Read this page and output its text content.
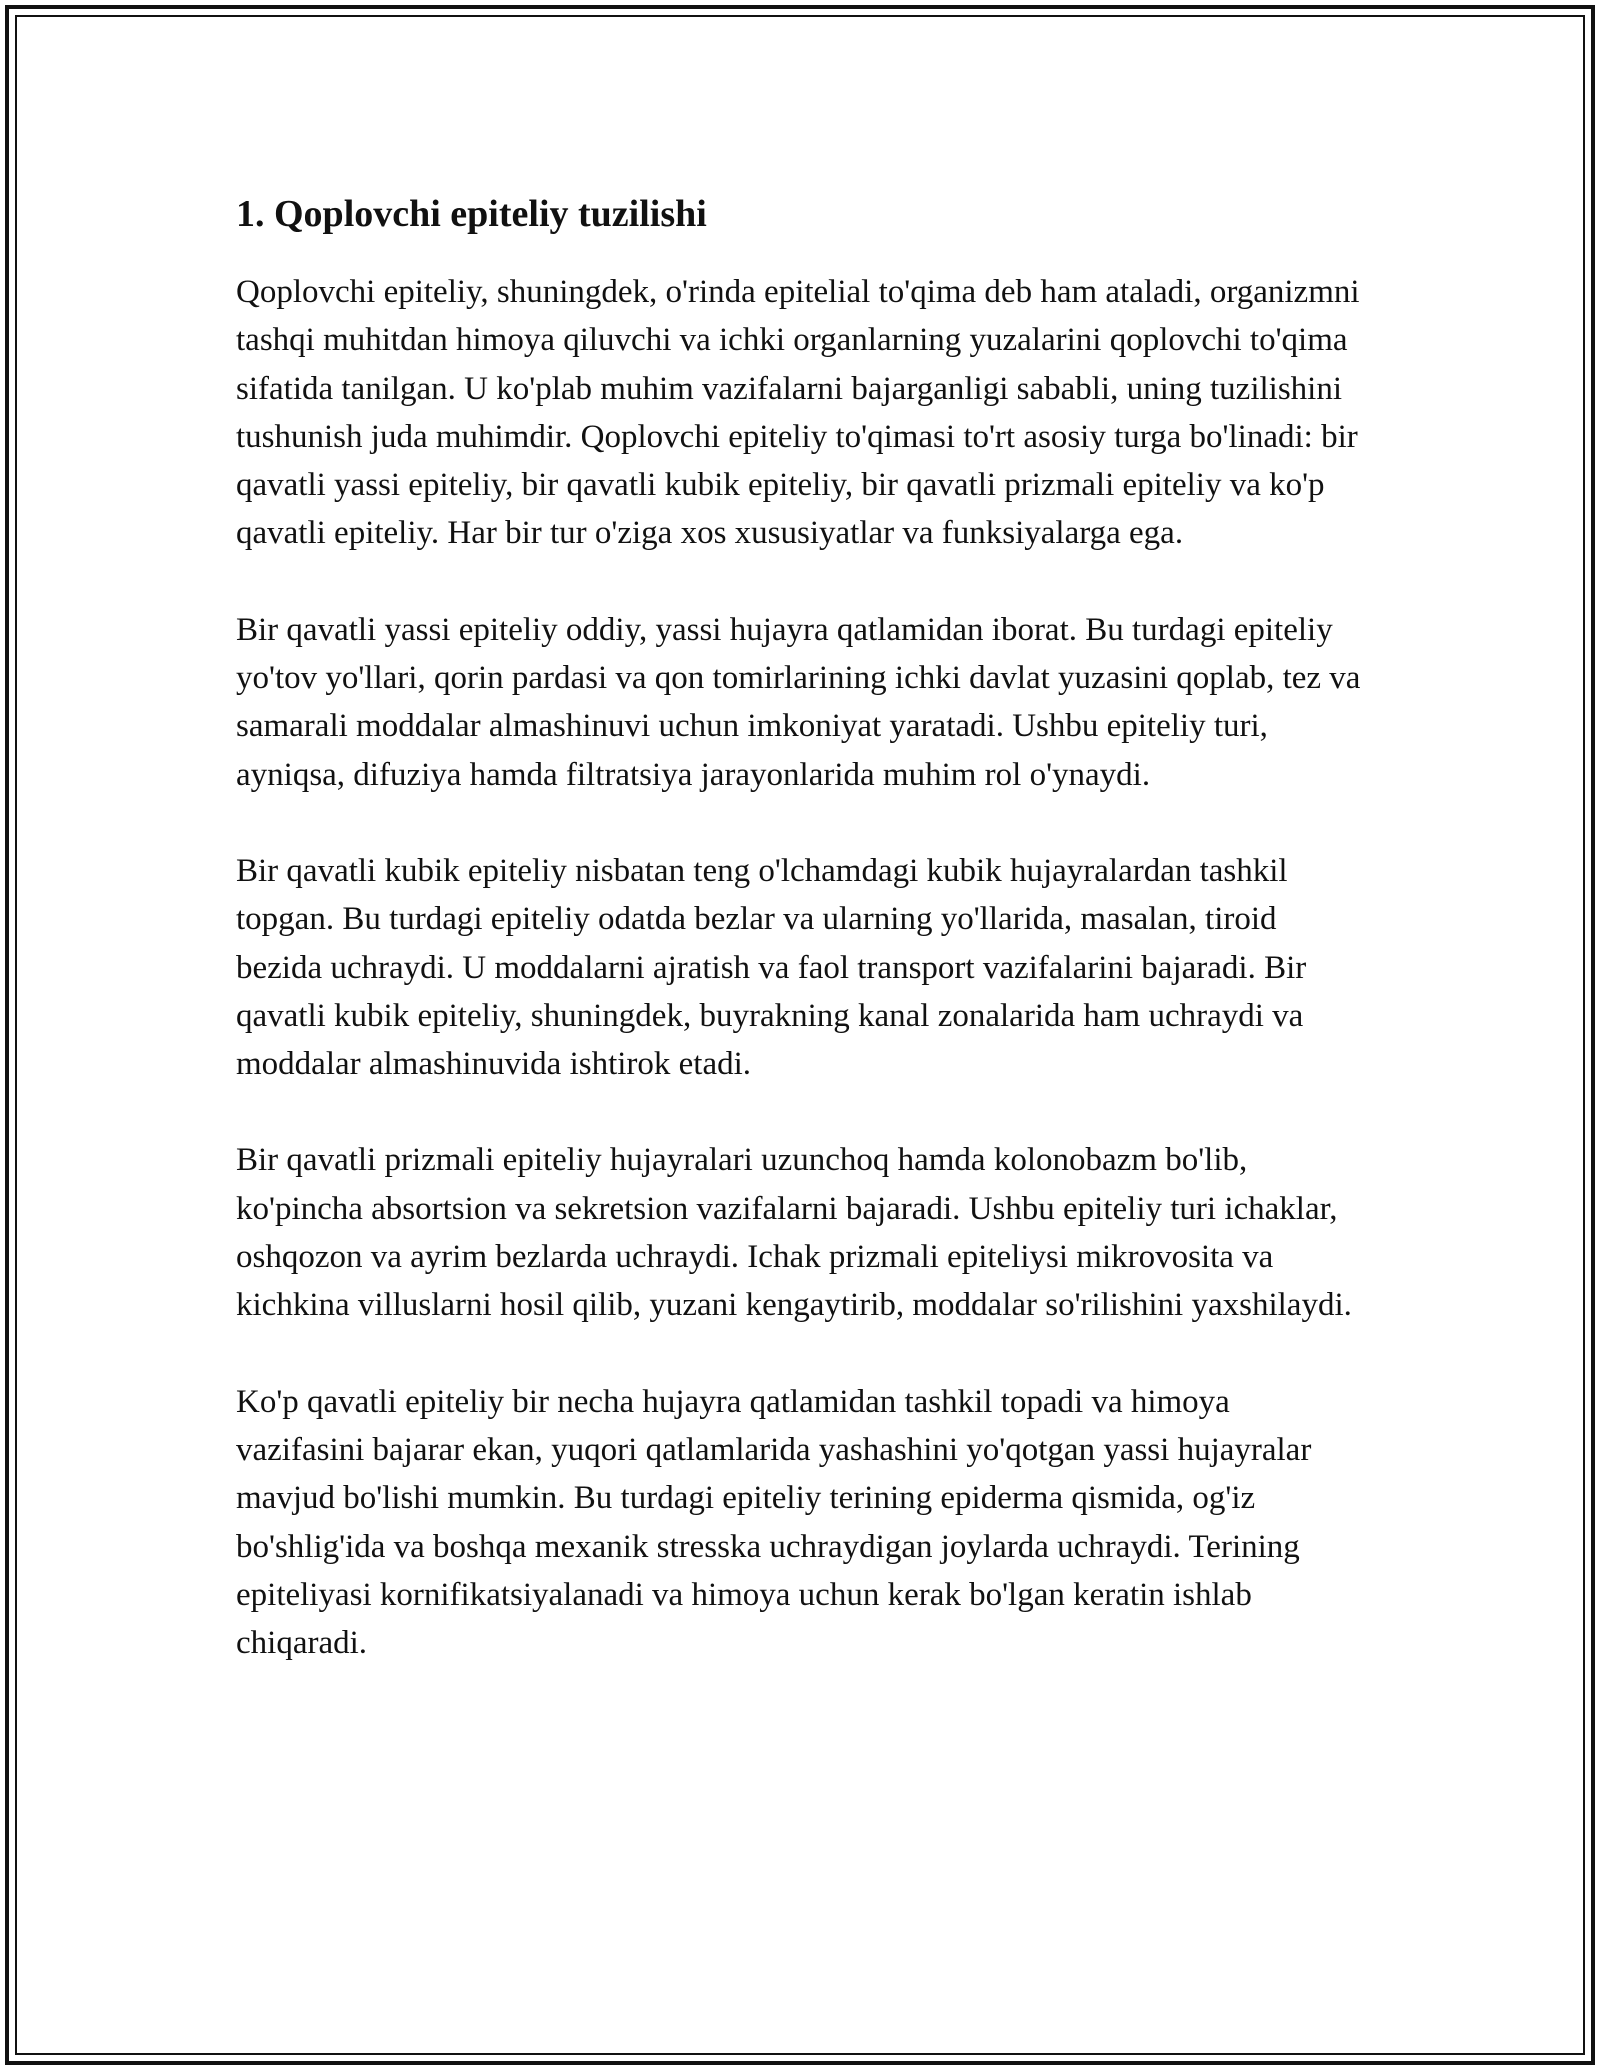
1. Qoplovchi epiteliy tuzilishi

Qoplovchi epiteliy, shuningdek, o'rinda epitelial to'qima deb ham ataladi, organizmni tashqi muhitdan himoya qiluvchi va ichki organlarning yuzalarini qoplovchi to'qima sifatida tanilgan. U ko'plab muhim vazifalarni bajarganligi sababli, uning tuzilishini tushunish juda muhimdir. Qoplovchi epiteliy to'qimasi to'rt asosiy turga bo'linadi: bir qavatli yassi epiteliy, bir qavatli kubik epiteliy, bir qavatli prizmali epiteliy va ko'p qavatli epiteliy. Har bir tur o'ziga xos xususiyatlar va funksiyalarga ega.

Bir qavatli yassi epiteliy oddiy, yassi hujayra qatlamidan iborat. Bu turdagi epiteliy yo'tov yo'llari, qorin pardasi va qon tomirlarining ichki davlat yuzasini qoplab, tez va samarali moddalar almashinuvi uchun imkoniyat yaratadi. Ushbu epiteliy turi, ayniqsa, difuziya hamda filtratsiya jarayonlarida muhim rol o'ynaydi.

Bir qavatli kubik epiteliy nisbatan teng o'lchamdagi kubik hujayralardan tashkil topgan. Bu turdagi epiteliy odatda bezlar va ularning yo'llarida, masalan, tiroid bezida uchraydi. U moddalarni ajratish va faol transport vazifalarini bajaradi. Bir qavatli kubik epiteliy, shuningdek, buyrakning kanal zonalarida ham uchraydi va moddalar almashinuvida ishtirok etadi.

Bir qavatli prizmali epiteliy hujayralari uzunchoq hamda kolonobazm bo'lib, ko'pincha absortsion va sekretsion vazifalarni bajaradi. Ushbu epiteliy turi ichaklar, oshqozon va ayrim bezlarda uchraydi. Ichak prizmali epiteliysi mikrovosita va kichkina villuslarni hosil qilib, yuzani kengaytirib, moddalar so'rilishini yaxshilaydi.

Ko'p qavatli epiteliy bir necha hujayra qatlamidan tashkil topadi va himoya vazifasini bajarar ekan, yuqori qatlamlarida yashashini yo'qotgan yassi hujayralar mavjud bo'lishi mumkin. Bu turdagi epiteliy terining epiderma qismida, og'iz bo'shlig'ida va boshqa mexanik stresska uchraydigan joylarda uchraydi. Terining epiteliyasi kornifikatsiyalanadi va himoya uchun kerak bo'lgan keratin ishlab chiqaradi.
